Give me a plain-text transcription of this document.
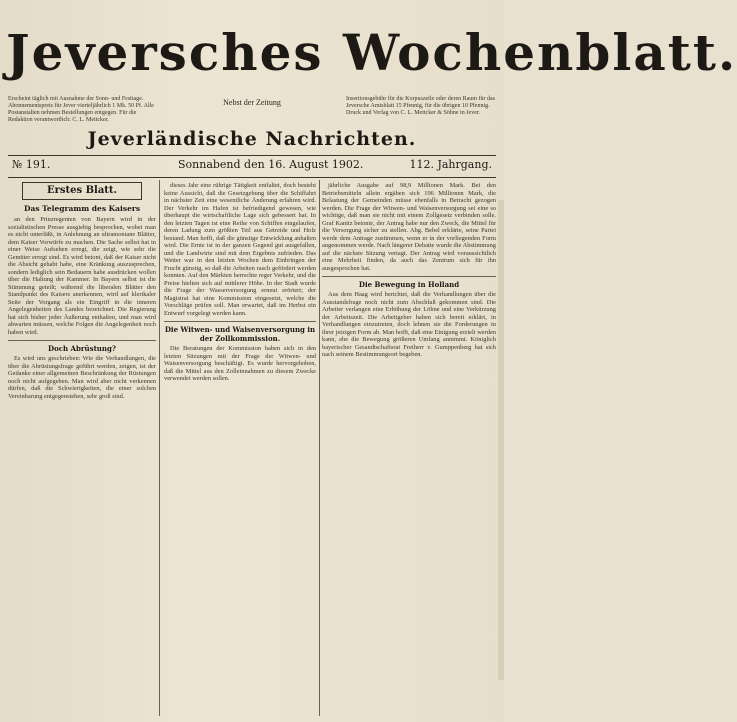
Jeversches Wochenblatt.
Erscheint täglich mit Ausnahme der Sonn- und Festtage. Abonnementspreis für Jever vierteljährlich 1 Mk. 50 Pf. Alle Postanstalten nehmen Bestellungen entgegen. Für die Redaktion verantwortlich: C. L. Mettcker.
Nebst der Zeitung	Insertionsgebühr für die Korpuszeile oder deren Raum für das Jeversche Amtsblatt 15 Pfennig, für die übrigen 10 Pfennig. Druck und Verlag von C. L. Mettcker & Söhne in Jever.
Jeverländische Nachrichten.
№ 191.	Sonnabend den 16. August 1902.	112. Jahrgang.
Erstes Blatt.
Das Telegramm des Kaisers

an den Prinzregenten von Bayern wird in der sozialistischen Presse ausgiebig besprochen, wobei man es nicht unterläßt, in Anlehnung an ultramontane Blätter, dem Kaiser Vorwürfe zu machen. Die Sache selbst hat in einer Weise Aufsehen erregt, die zeigt, wie sehr die Gemüter erregt sind. Es wird betont, daß der Kaiser nicht die Absicht gehabt habe, eine Kränkung auszusprechen, sondern lediglich sein Bedauern habe ausdrücken wollen über die Haltung der Kammer. In Bayern selbst ist die Stimmung geteilt; während die liberalen Blätter den Standpunkt des Kaisers anerkennen, wird auf klerikaler Seite der Vorgang als ein Eingriff in die inneren Angelegenheiten des Landes bezeichnet. Die Regierung hat sich bisher jeder Äußerung enthalten, und man wird abwarten müssen, welche Folgen die Angelegenheit noch haben wird.

Doch Abrüstung?

Es wird uns geschrieben: Wie die Verhandlungen, die über die Abrüstungsfrage geführt werden, zeigen, ist der Gedanke einer allgemeinen Beschränkung der Rüstungen noch nicht aufgegeben. Man wird aber nicht verkennen dürfen, daß die Schwierigkeiten, die einer solchen Vereinbarung entgegenstehen, sehr groß sind.

dieses Jahr eine rührige Tätigkeit entfaltet, doch besteht keine Aussicht, daß die Gesetzgebung über die Schiffahrt in nächster Zeit eine wesentliche Änderung erfahren wird. Der Verkehr im Hafen ist befriedigend gewesen, wie überhaupt die wirtschaftliche Lage sich gebessert hat. In den letzten Tagen ist eine Reihe von Schiffen eingelaufen, deren Ladung zum größten Teil aus Getreide und Holz bestand. Man hofft, daß die günstige Entwicklung anhalten wird. Die Ernte ist in der ganzen Gegend gut ausgefallen, und die Landwirte sind mit dem Ergebnis zufrieden. Das Wetter war in den letzten Wochen dem Einbringen der Frucht günstig, so daß die Arbeiten rasch gefördert werden konnten. Auf den Märkten herrschte reger Verkehr, und die Preise hielten sich auf mittlerer Höhe. In der Stadt wurde die Frage der Wasserversorgung erneut erörtert; der Magistrat hat eine Kommission eingesetzt, welche die Vorschläge prüfen soll. Man erwartet, daß im Herbst ein Entwurf vorgelegt werden kann.

Die Witwen- und Waisenversorgung in der Zollkommission.

Die Beratungen der Kommission haben sich in den letzten Sitzungen mit der Frage der Witwen- und Waisenversorgung beschäftigt. Es wurde hervorgehoben, daß die Mittel aus den Zolleinnahmen zu diesem Zwecke verwendet werden sollen.

jährliche Ausgabe auf 98,9 Millionen Mark. Bei den Betriebsmitteln allein ergäben sich 196 Millionen Mark, die Belastung der Gemeinden müsse ebenfalls in Betracht gezogen werden. Die Frage der Witwen- und Waisenversorgung sei eine so wichtige, daß man sie nicht mit einem Zollgesetz verbinden solle. Graf Kanitz betonte, der Antrag habe nur den Zweck, die Mittel für die Versorgung sicher zu stellen. Abg. Bebel erklärte, seine Partei werde dem Antrage zustimmen, wenn er in der vorliegenden Form angenommen werde. Nach längerer Debatte wurde die Abstimmung auf die nächste Sitzung vertagt. Der Antrag wird voraussichtlich eine Mehrheit finden, da auch das Zentrum sich für ihn ausgesprochen hat.

Die Bewegung in Holland

Aus dem Haag wird berichtet, daß die Verhandlungen über die Ausstandsfrage noch nicht zum Abschluß gekommen sind. Die Arbeiter verlangen eine Erhöhung der Löhne und eine Verkürzung der Arbeitszeit. Die Arbeitgeber haben sich bereit erklärt, in Verhandlungen einzutreten, doch lehnen sie die Forderungen in ihrer jetzigen Form ab. Man hofft, daß eine Einigung erzielt werden kann, ehe die Bewegung größeren Umfang annimmt. Königlich bayerischer Gesandtschaftsrat Freiherr v. Gumppenberg hat sich nach seinem Bestimmungsort begeben.
